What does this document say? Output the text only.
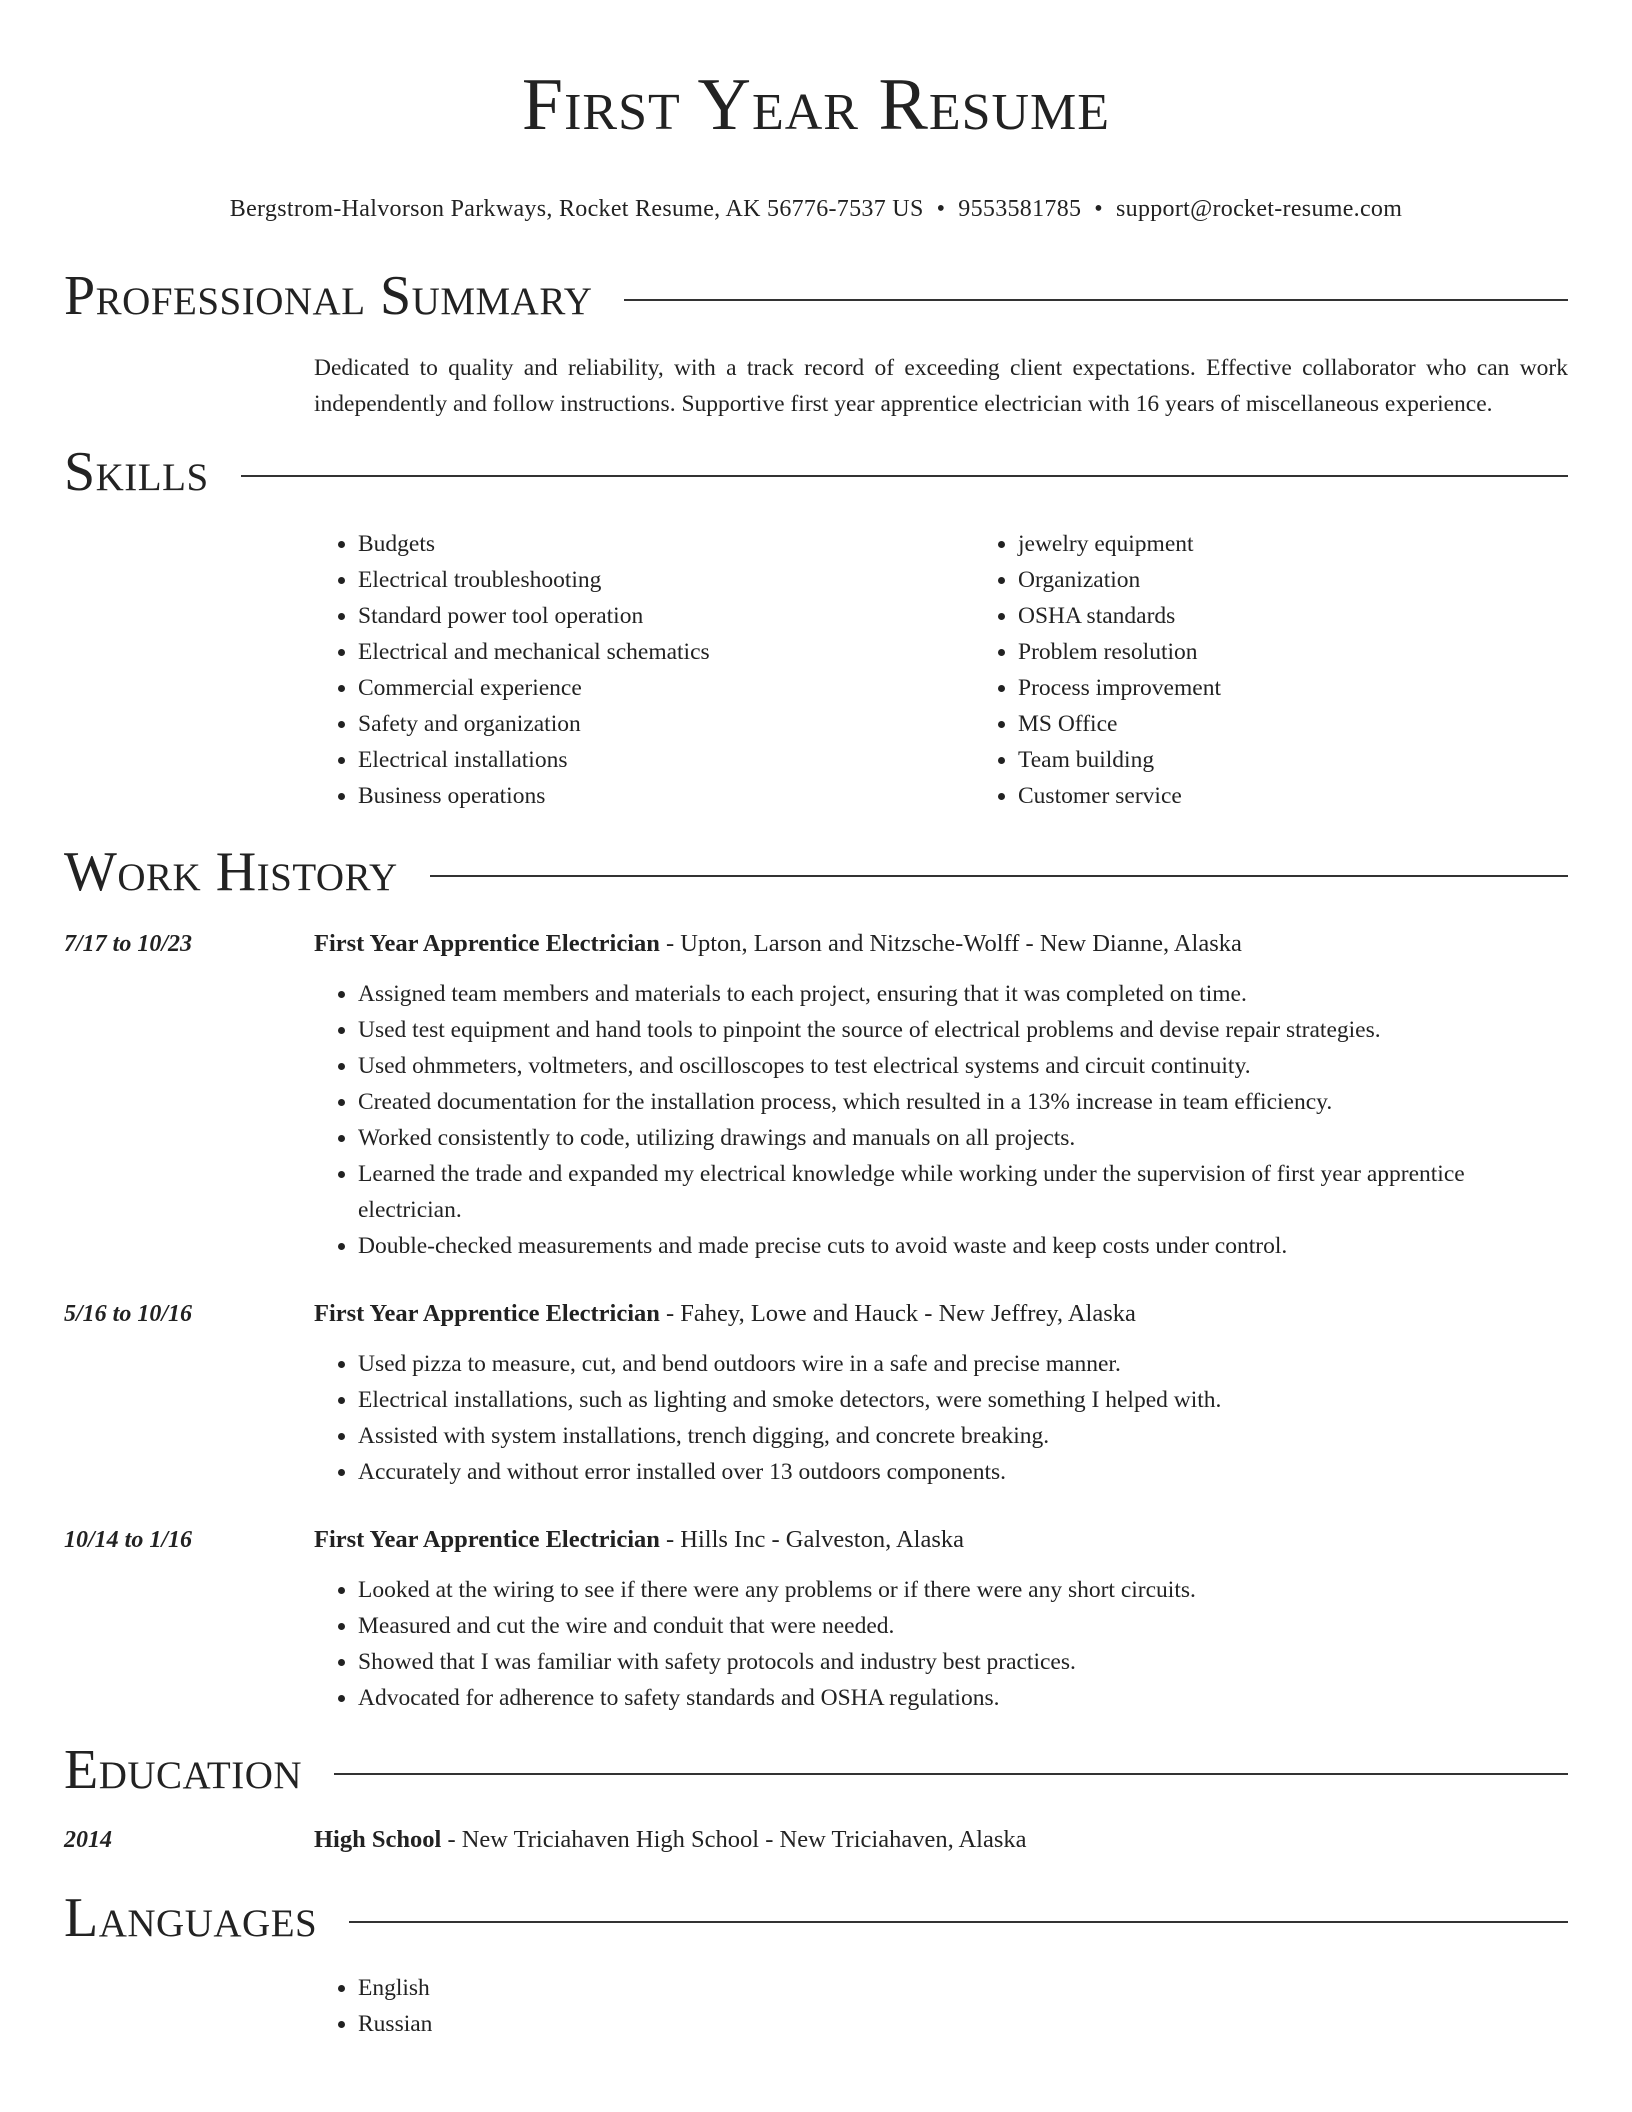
First Year Resume
Bergstrom-Halvorson Parkways, Rocket Resume, AK 56776-7537 US • 9553581785 • support@rocket-resume.com
Professional Summary
Dedicated to quality and reliability, with a track record of exceeding client expectations. Effective collaborator who can work independently and follow instructions. Supportive first year apprentice electrician with 16 years of miscellaneous experience.
Skills
• Budgets
• Electrical troubleshooting
• Standard power tool operation
• Electrical and mechanical schematics
• Commercial experience
• Safety and organization
• Electrical installations
• Business operations
• jewelry equipment
• Organization
• OSHA standards
• Problem resolution
• Process improvement
• MS Office
• Team building
• Customer service
Work History
7/17 to 10/23	First Year Apprentice Electrician - Upton, Larson and Nitzsche-Wolff - New Dianne, Alaska
• Assigned team members and materials to each project, ensuring that it was completed on time.
• Used test equipment and hand tools to pinpoint the source of electrical problems and devise repair strategies.
• Used ohmmeters, voltmeters, and oscilloscopes to test electrical systems and circuit continuity.
• Created documentation for the installation process, which resulted in a 13% increase in team efficiency.
• Worked consistently to code, utilizing drawings and manuals on all projects.
• Learned the trade and expanded my electrical knowledge while working under the supervision of first year apprentice electrician.
• Double-checked measurements and made precise cuts to avoid waste and keep costs under control.
5/16 to 10/16	First Year Apprentice Electrician - Fahey, Lowe and Hauck - New Jeffrey, Alaska
• Used pizza to measure, cut, and bend outdoors wire in a safe and precise manner.
• Electrical installations, such as lighting and smoke detectors, were something I helped with.
• Assisted with system installations, trench digging, and concrete breaking.
• Accurately and without error installed over 13 outdoors components.
10/14 to 1/16	First Year Apprentice Electrician - Hills Inc - Galveston, Alaska
• Looked at the wiring to see if there were any problems or if there were any short circuits.
• Measured and cut the wire and conduit that were needed.
• Showed that I was familiar with safety protocols and industry best practices.
• Advocated for adherence to safety standards and OSHA regulations.
Education
2014	High School - New Triciahaven High School - New Triciahaven, Alaska
Languages
• English
• Russian
